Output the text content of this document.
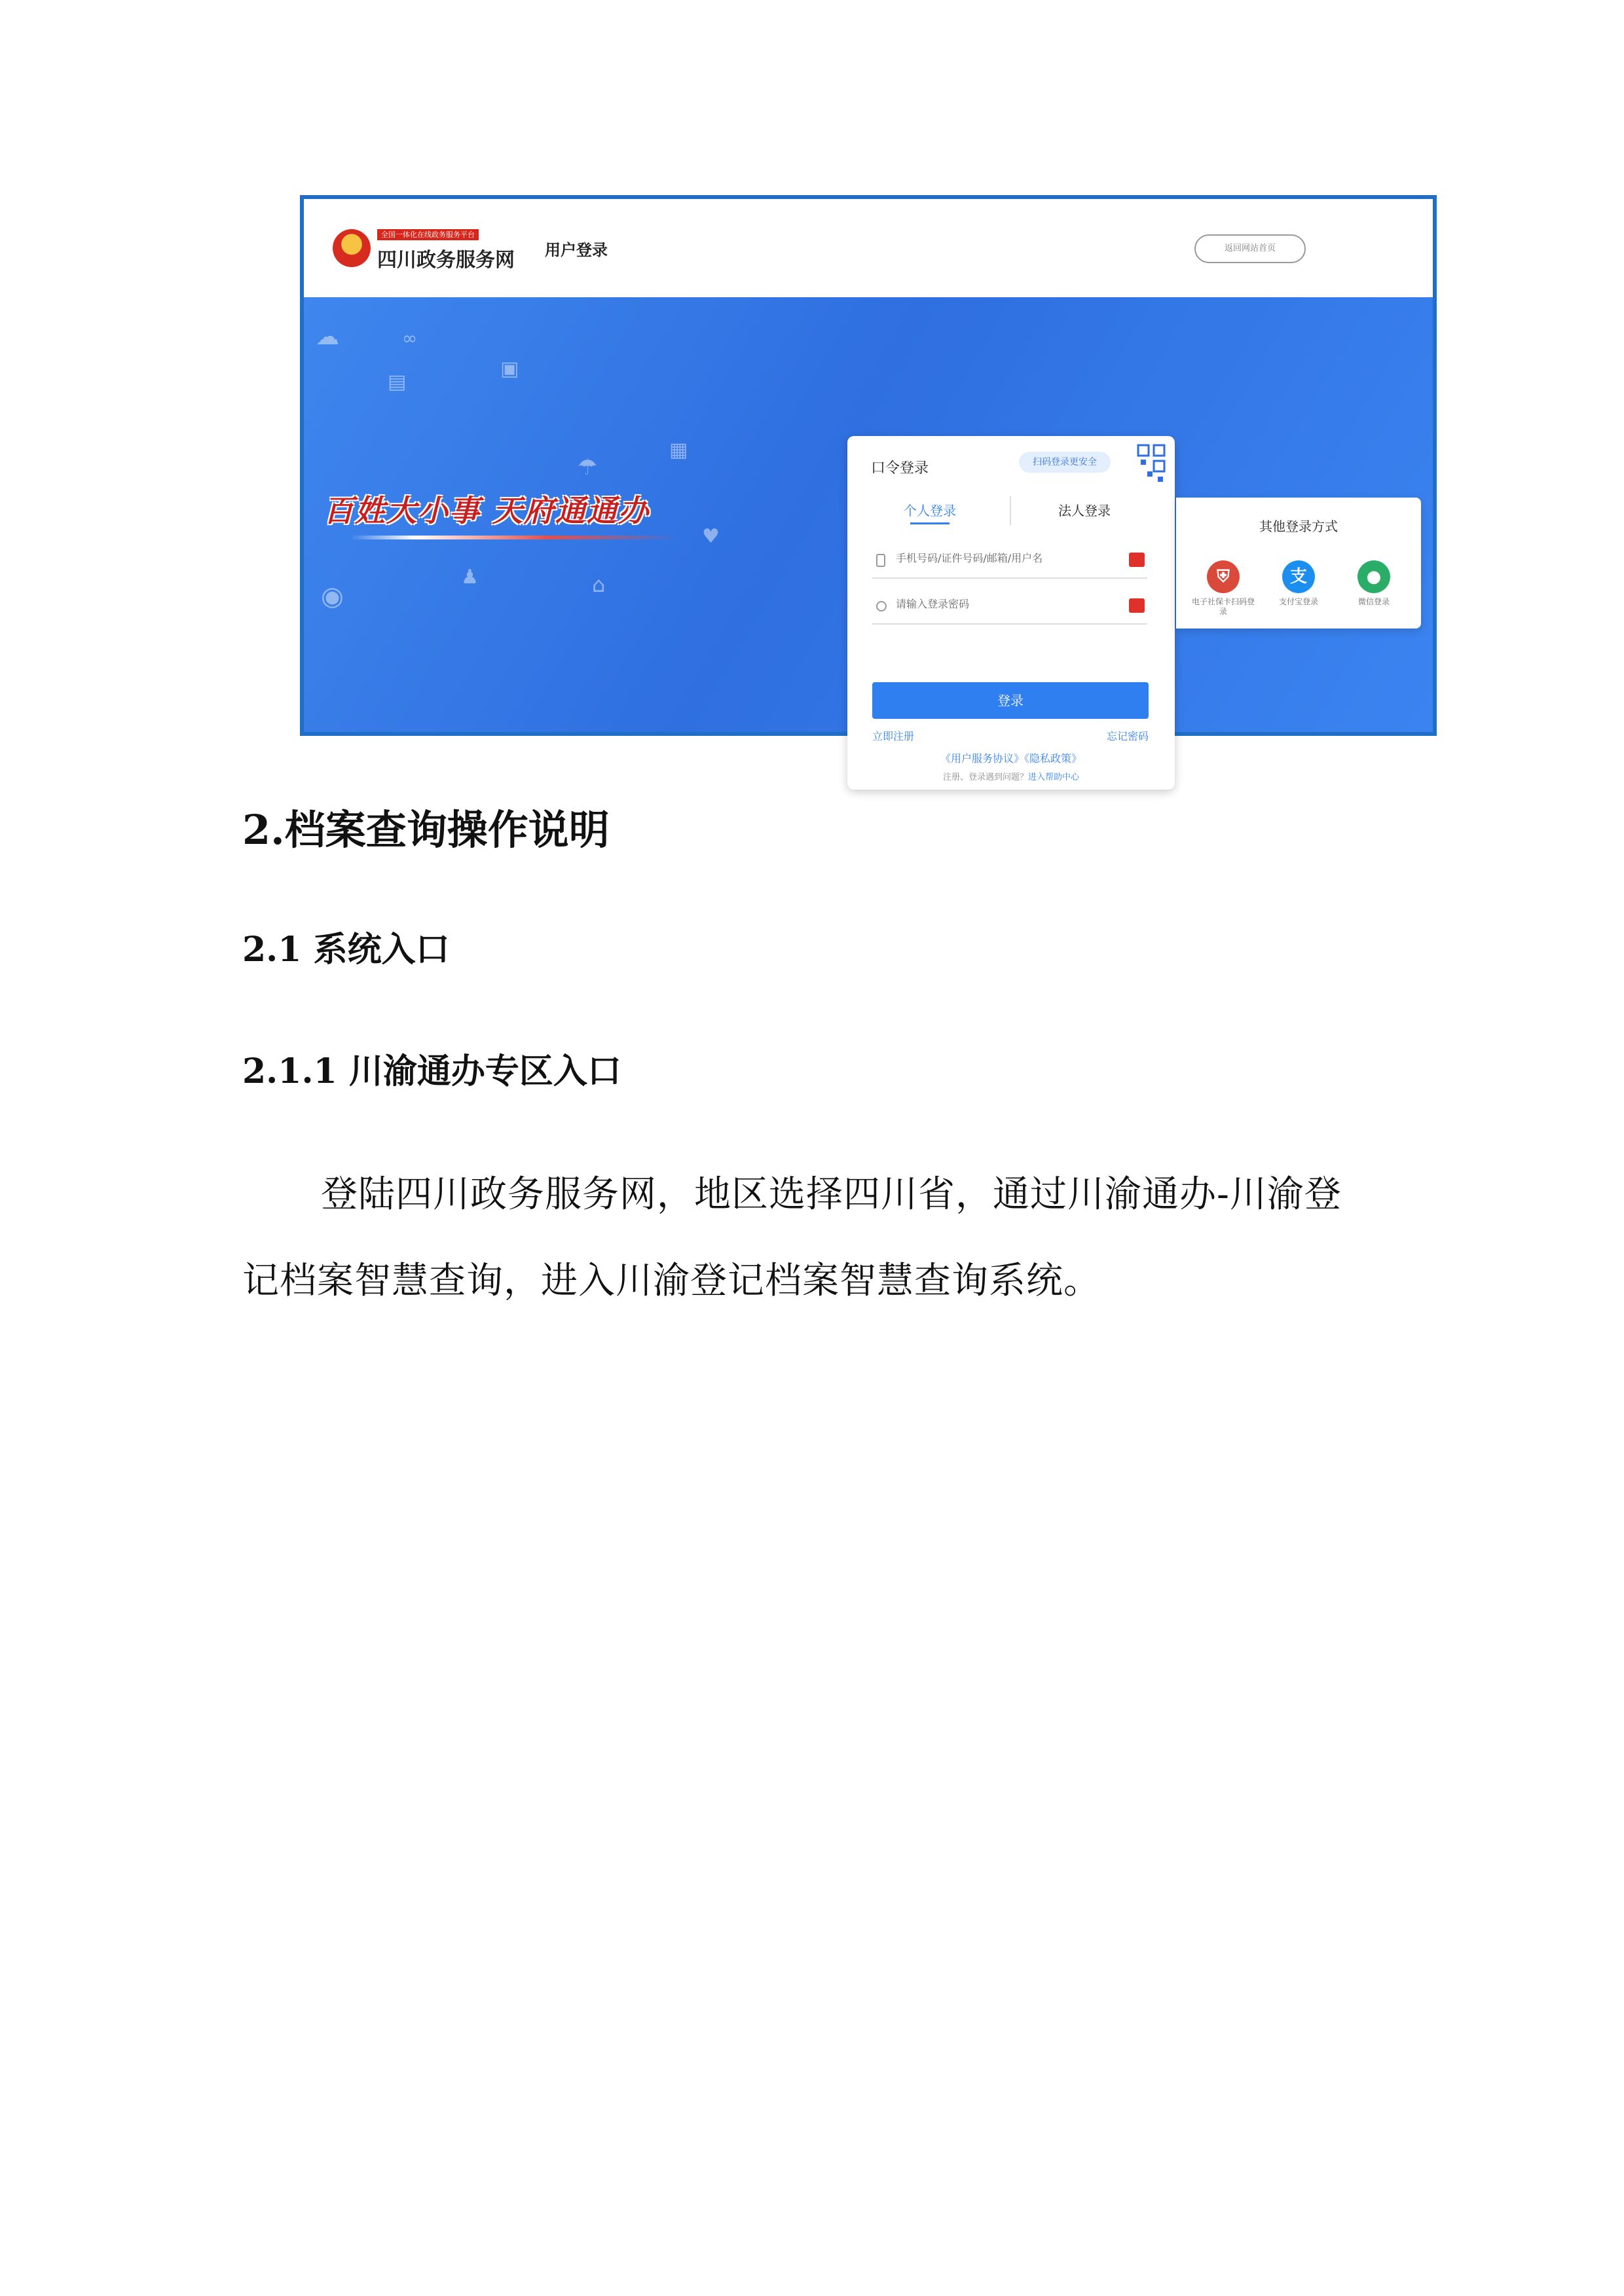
全国一体化在线政务服务平台
四川政务服务网 用户登录	返回网站首页
☁
▤
∞
▣
▦
☂
♟	⌂
◉
♥
百姓大小事 天府通通办
口令登录	扫码登录更安全
个人登录	法人登录
手机号码/证件号码/邮箱/用户名
登录
立即注册	忘记密码
《用户服务协议》《隐私政策》
注册、登录遇到问题？进入帮助中心
其他登录方式
⛨
电子社保卡扫码登录
支
支付宝登录
●
微信登录
2.档案查询操作说明
2.1 系统入口
2.1.1 川渝通办专区入口
登陆四川政务服务网，地区选择四川省，通过川渝通办-川渝登
记档案智慧查询，进入川渝登记档案智慧查询系统。
